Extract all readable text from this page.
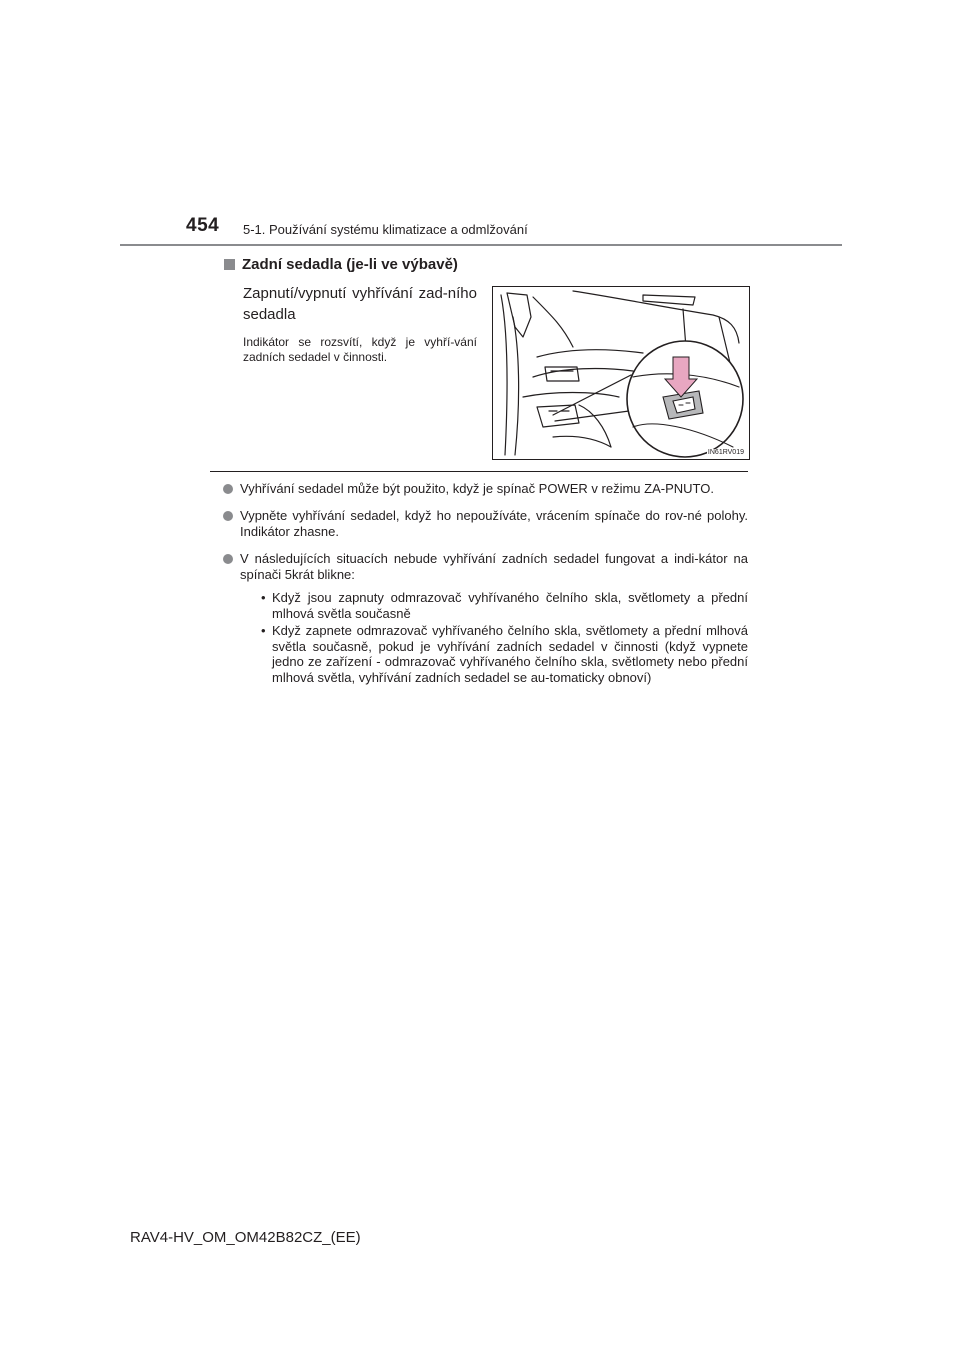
454 5-1. Používání systému klimatizace a odmlžování
Zadní sedadla (je-li ve výbavě)
Zapnutí/vypnutí vyhřívání zad-ního sedadla
Indikátor se rozsvítí, když je vyhří-vání zadních sedadel v činnosti.
IN61RV019
Vyhřívání sedadel může být použito, když je spínač POWER v režimu ZA-PNUTO.
Vypněte vyhřívání sedadel, když ho nepoužíváte, vrácením spínače do rov-né polohy. Indikátor zhasne.
V následujících situacích nebude vyhřívání zadních sedadel fungovat a indi-kátor na spínači 5krát blikne:
• Když jsou zapnuty odmrazovač vyhřívaného čelního skla, světlomety a přední mlhová světla současně
• Když zapnete odmrazovač vyhřívaného čelního skla, světlomety a přední mlhová světla současně, pokud je vyhřívání zadních sedadel v činnosti (když vypnete jedno ze zařízení - odmrazovač vyhřívaného čelního skla, světlomety nebo přední mlhová světla, vyhřívání zadních sedadel se au-tomaticky obnoví)
RAV4-HV_OM_OM42B82CZ_(EE)
